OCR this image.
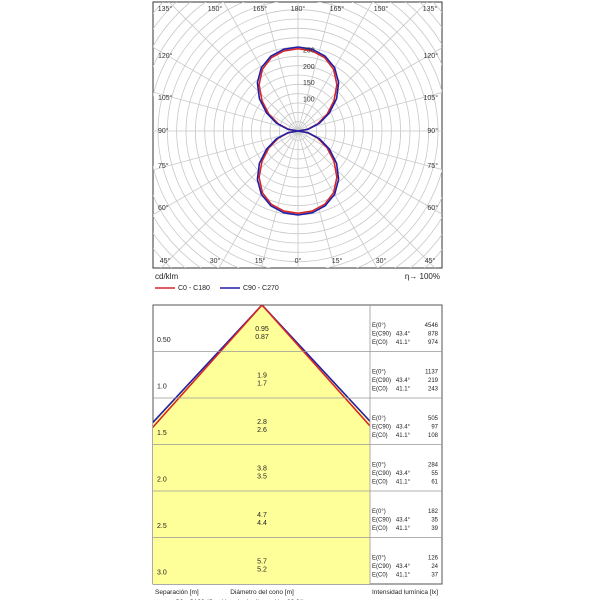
100
150
200
250
135°	150°	165°	180°	165°	150°	135°
45°	30°	15°	0°	15°	30°	45°
120°
105°
90°
75°
60°
120°
105°
90°
75°
60°
cd/klm	η→ 100%
C0 - C180	C90 - C270
0.50
0.95
0.87
E(0°)	4546
E(C90) 43.4°	878
E(C0) 41.1°	974
1.0
1.9
1.7
E(0°)	1137
E(C90) 43.4°	219
E(C0) 41.1°	243
1.5
2.8
2.6
E(0°)	505
E(C90) 43.4°	97
E(C0) 41.1°	108
2.0
3.8
3.5
E(0°)	284
E(C90) 43.4°	55
E(C0) 41.1°	61
2.5
4.7
4.4
E(0°)	182
E(C90) 43.4°	35
E(C0) 41.1°	39
3.0
5.7
5.2
E(0°)	126
E(C90) 43.4°	24
E(C0) 41.1°	37
Separación [m]	Diámetro del cono [m]	Intensidad lumínica [lx]
